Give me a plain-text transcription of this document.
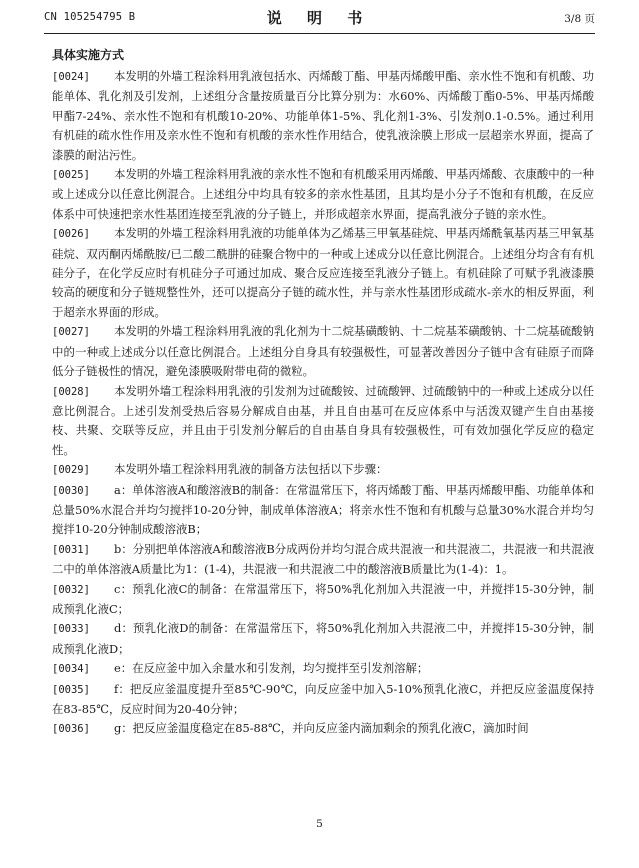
CN 105254795 B	说 明 书	3/8 页
具体实施方式

[0024] 本发明的外墙工程涂料用乳液包括水、丙烯酸丁酯、甲基丙烯酸甲酯、亲水性不饱和有机酸、功能单体、乳化剂及引发剂，上述组分含量按质量百分比算分别为：水60%、丙烯酸丁酯0-5%、甲基丙烯酸甲酯7-24%、亲水性不饱和有机酸10-20%、功能单体1-5%、乳化剂1-3%、引发剂0.1-0.5%。通过利用有机硅的疏水性作用及亲水性不饱和有机酸的亲水性作用结合，使乳液涂膜上形成一层超亲水界面，提高了漆膜的耐沾污性。

[0025] 本发明的外墙工程涂料用乳液的亲水性不饱和有机酸采用丙烯酸、甲基丙烯酸、衣康酸中的一种或上述成分以任意比例混合。上述组分中均具有较多的亲水性基团，且其均是小分子不饱和有机酸，在反应体系中可快速把亲水性基团连接至乳液的分子链上，并形成超亲水界面，提高乳液分子链的亲水性。

[0026] 本发明的外墙工程涂料用乳液的功能单体为乙烯基三甲氧基硅烷、甲基丙烯酰氧基丙基三甲氧基硅烷、双丙酮丙烯酰胺/已二酸二酰肼的硅聚合物中的一种或上述成分以任意比例混合。上述组分均含有有机硅分子，在化学反应时有机硅分子可通过加成、聚合反应连接至乳液分子链上。有机硅除了可赋予乳液漆膜较高的硬度和分子链规整性外，还可以提高分子链的疏水性，并与亲水性基团形成疏水-亲水的相反界面，利于超亲水界面的形成。

[0027] 本发明的外墙工程涂料用乳液的乳化剂为十二烷基磺酸钠、十二烷基苯磺酸钠、十二烷基硫酸钠中的一种或上述成分以任意比例混合。上述组分自身具有较强极性，可显著改善因分子链中含有硅原子而降低分子链极性的情况，避免漆膜吸附带电荷的微粒。

[0028] 本发明外墙工程涂料用乳液的引发剂为过硫酸铵、过硫酸钾、过硫酸钠中的一种或上述成分以任意比例混合。上述引发剂受热后容易分解成自由基，并且自由基可在反应体系中与活泼双键产生自由基接枝、共聚、交联等反应，并且由于引发剂分解后的自由基自身具有较强极性，可有效加强化学反应的稳定性。

[0029] 本发明外墙工程涂料用乳液的制备方法包括以下步骤：

[0030] a：单体溶液A和酸溶液B的制备：在常温常压下，将丙烯酸丁酯、甲基丙烯酸甲酯、功能单体和总量50%水混合并均匀搅拌10-20分钟，制成单体溶液A；将亲水性不饱和有机酸与总量30%水混合并均匀搅拌10-20分钟制成酸溶液B；

[0031] b：分别把单体溶液A和酸溶液B分成两份并均匀混合成共混液一和共混液二，共混液一和共混液二中的单体溶液A质量比为1：(1-4)，共混液一和共混液二中的酸溶液B质量比为(1-4)：1。

[0032] c：预乳化液C的制备：在常温常压下，将50%乳化剂加入共混液一中，并搅拌15-30分钟，制成预乳化液C；

[0033] d：预乳化液D的制备：在常温常压下，将50%乳化剂加入共混液二中，并搅拌15-30分钟，制成预乳化液D；

[0034] e：在反应釜中加入余量水和引发剂，均匀搅拌至引发剂溶解；

[0035] f：把反应釜温度提升至85℃-90℃，向反应釜中加入5-10%预乳化液C，并把反应釜温度保持在83-85℃，反应时间为20-40分钟；

[0036] g：把反应釜温度稳定在85-88℃，并向反应釜内滴加剩余的预乳化液C，滴加时间

5
